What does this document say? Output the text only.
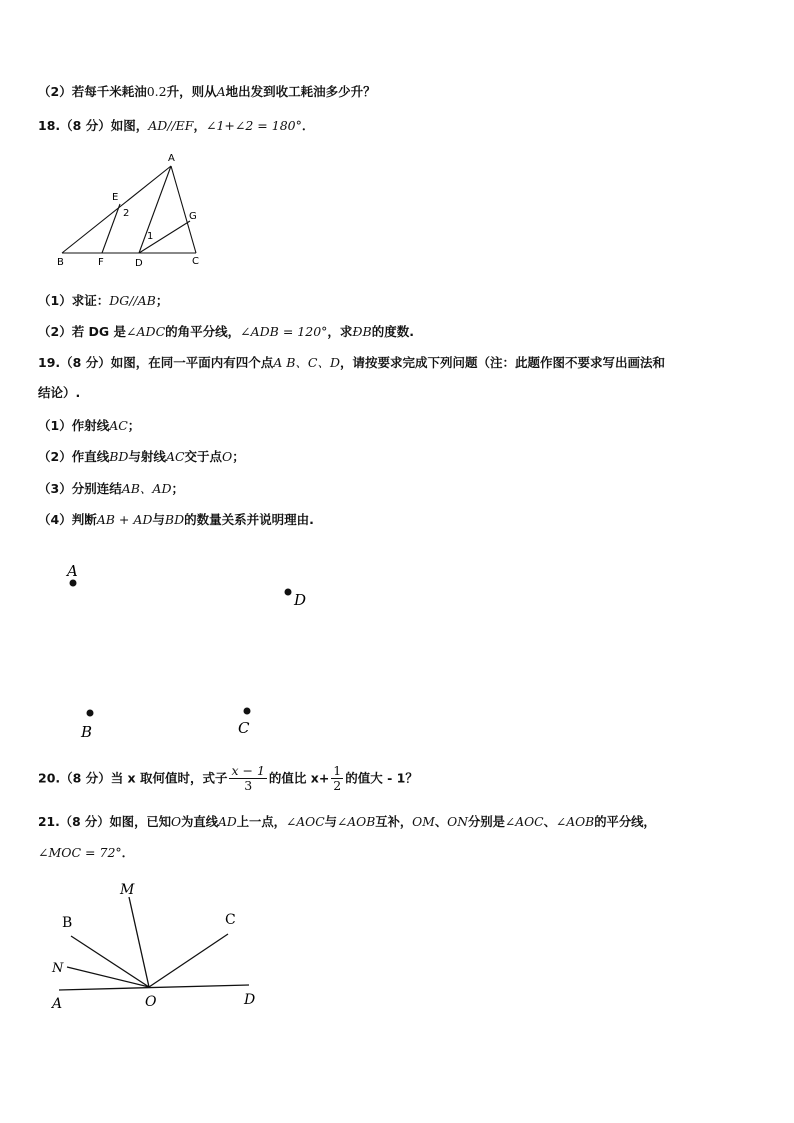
（2）若每千米耗油0.2升，则从A地出发到收工耗油多少升？
18.（8 分）如图，AD//EF，∠1+∠2 = 180°．
A
E
2	G
1
B	F	D	C
（1）求证：DG//AB；
（2）若 DG 是∠ADC的角平分线，∠ADB = 120°，求ÐB的度数.
19.（8 分）如图，在同一平面内有四个点A B、C、D，请按要求完成下列问题（注：此题作图不要求写出画法和
结论）.
（1）作射线AC；
（2）作直线BD与射线AC交于点O；
（3）分别连结AB、AD；
（4）判断AB + AD与BD的数量关系并说明理由.
A
D
B	C
20.（8 分）当 x 取何值时，式子 $\frac{x - 1}{3}$ 的值比 $x+ \frac{1}{2}$ 的值大 - 1？
21.（8 分）如图，已知O为直线AD上一点，∠AOC与∠AOB互补，OM、ON分别是∠AOC、∠AOB的平分线，
∠MOC = 72°．
M
B	C
N
A	O	D
